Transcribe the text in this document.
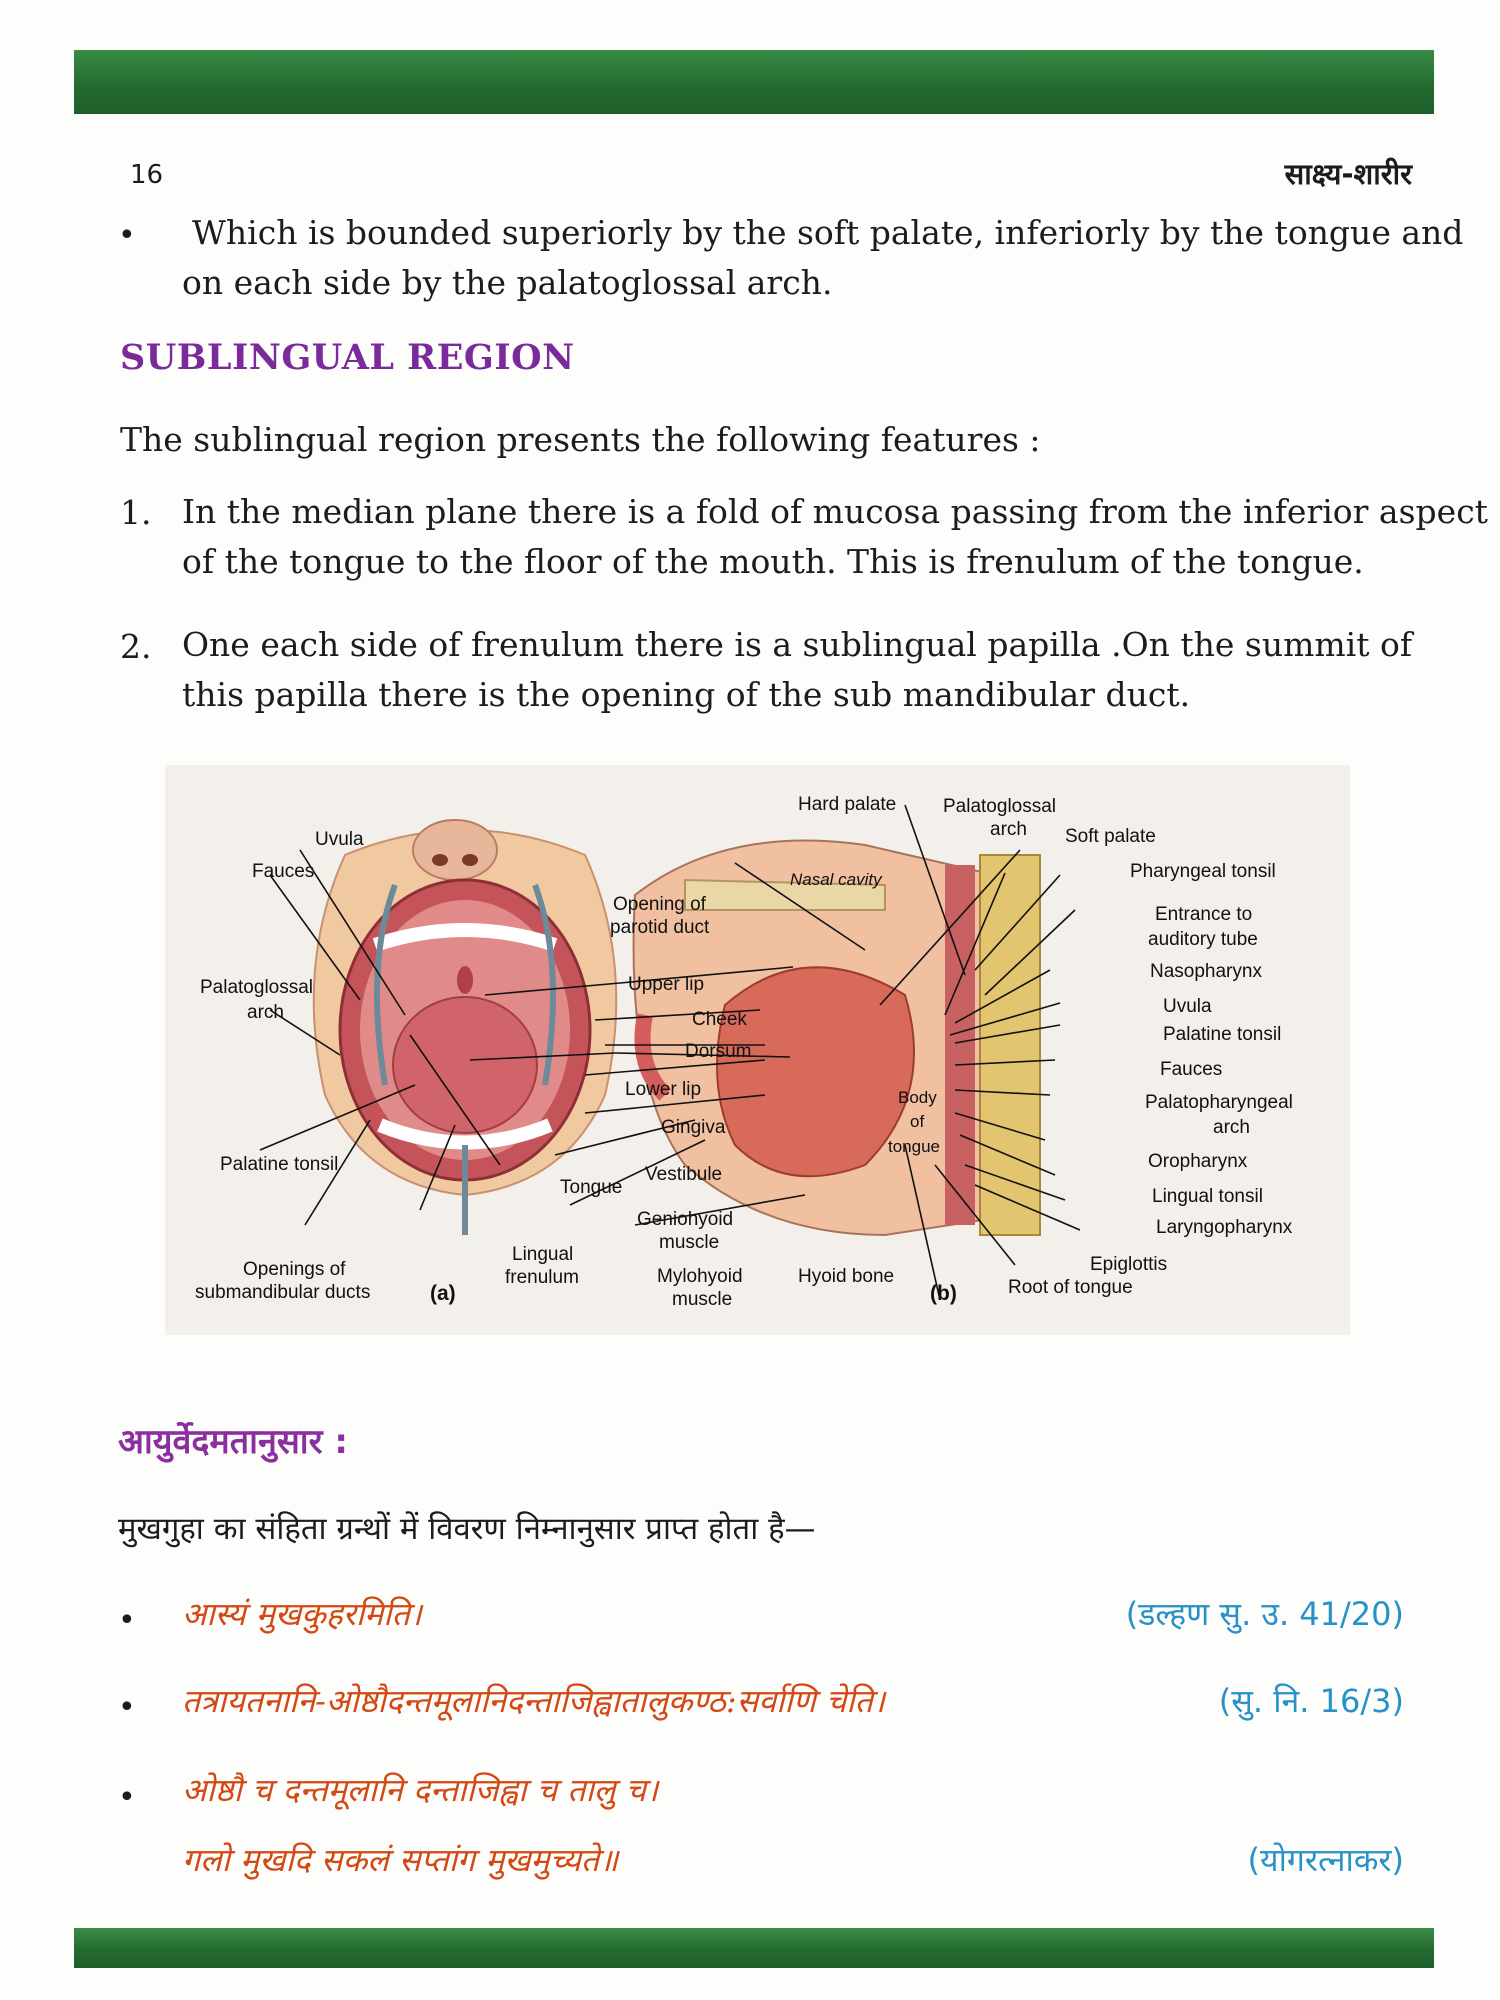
16	साक्ष्य-शारीर
• Which is bounded superiorly by the soft palate, inferiorly by the tongue and
on each side by the palatoglossal arch.
SUBLINGUAL REGION
The sublingual region presents the following features :
1. In the median plane there is a fold of mucosa passing from the inferior aspect
of the tongue to the floor of the mouth. This is frenulum of the tongue.
2. One each side of frenulum there is a sublingual papilla .On the summit of
this papilla there is the opening of the sub mandibular duct.
Uvula
Fauces
Palatoglossal
arch
Palatine tonsil
Openings of
submandibular ducts	(a)
Lingual
frenulum
Tongue
Opening of
parotid duct
Upper lip
Cheek
Dorsum
Lower lip
Gingiva
Vestibule
Geniohyoid
muscle
Mylohyoid
muscle
Hyoid bone
Hard palate Palatoglossal
arch Soft palate
Nasal cavity	Pharyngeal tonsil
Entrance to
auditory tube
Nasopharynx
Uvula
Palatine tonsil
Fauces
Palatopharyngeal
arch
Oropharynx
Lingual tonsil
Laryngopharynx
Epiglottis
Root of tongue
(b)
Body
of
tongue
आयुर्वेदमतानुसार :
मुखगुहा का संहिता ग्रन्थों में विवरण निम्नानुसार प्राप्त होता है—
• आस्यं मुखकुहरमिति।	(डल्हण सु. उ. 41/20)
• तत्रायतनानि-ओष्ठौदन्तमूलानिदन्ताजिह्वातालुकण्ठ:सर्वाणि चेति।	(सु. नि. 16/3)
• ओष्ठौ च दन्तमूलानि दन्ताजिह्वा च तालु च।
गलो मुखदि सकलं सप्तांग मुखमुच्यते॥	(योगरत्नाकर)
